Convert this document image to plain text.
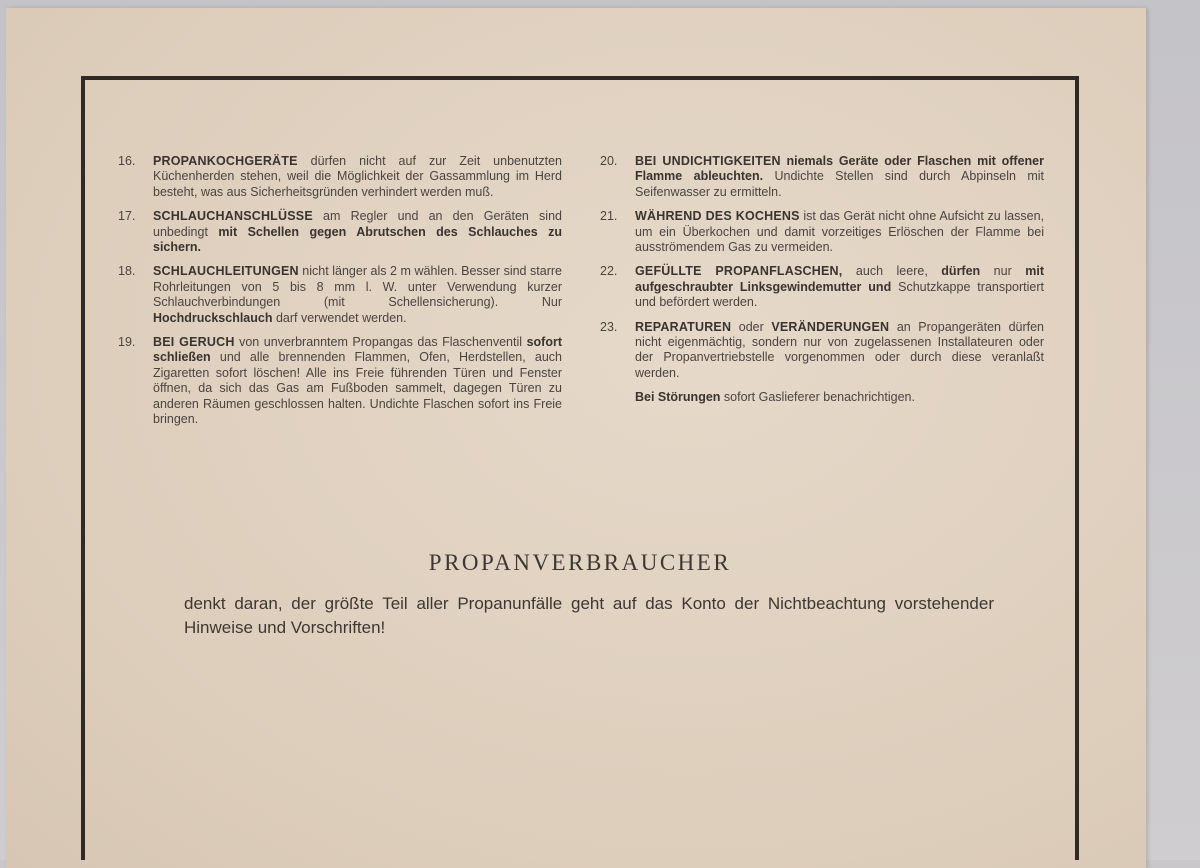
16. PROPANKOCHGERÄTE dürfen nicht auf zur Zeit unbenutzten Küchenherden stehen, weil die Möglichkeit der Gassammlung im Herd besteht, was aus Sicherheitsgründen verhindert werden muß.
17. SCHLAUCHANSCHLÜSSE am Regler und an den Geräten sind unbedingt mit Schellen gegen Abrutschen des Schlauches zu sichern.
18. SCHLAUCHLEITUNGEN nicht länger als 2 m wählen. Besser sind starre Rohrleitungen von 5 bis 8 mm l. W. unter Verwendung kurzer Schlauchverbindungen (mit Schellensicherung). Nur Hochdruckschlauch darf verwendet werden.
19. BEI GERUCH von unverbranntem Propangas das Flaschenventil sofort schließen und alle brennenden Flammen, Ofen, Herdstellen, auch Zigaretten sofort löschen! Alle ins Freie führenden Türen und Fenster öffnen, da sich das Gas am Fußboden sammelt, dagegen Türen zu anderen Räumen geschlossen halten. Undichte Flaschen sofort ins Freie bringen.
20. BEI UNDICHTIGKEITEN niemals Geräte oder Flaschen mit offener Flamme ableuchten. Undichte Stellen sind durch Abpinseln mit Seifenwasser zu ermitteln.
21. WÄHREND DES KOCHENS ist das Gerät nicht ohne Aufsicht zu lassen, um ein Überkochen und damit vorzeitiges Erlöschen der Flamme bei ausströmendem Gas zu vermeiden.
22. GEFÜLLTE PROPANFLASCHEN, auch leere, dürfen nur mit aufgeschraubter Linksgewindemutter und Schutzkappe transportiert und befördert werden.
23. REPARATUREN oder VERÄNDERUNGEN an Propangeräten dürfen nicht eigenmächtig, sondern nur von zugelassenen Installateuren oder der Propanvertriebstelle vorgenommen oder durch diese veranlaßt werden.
Bei Störungen sofort Gaslieferer benachrichtigen.
PROPANVERBRAUCHER
denkt daran, der größte Teil aller Propanunfälle geht auf das Konto der Nichtbeachtung vorstehender Hinweise und Vorschriften!
